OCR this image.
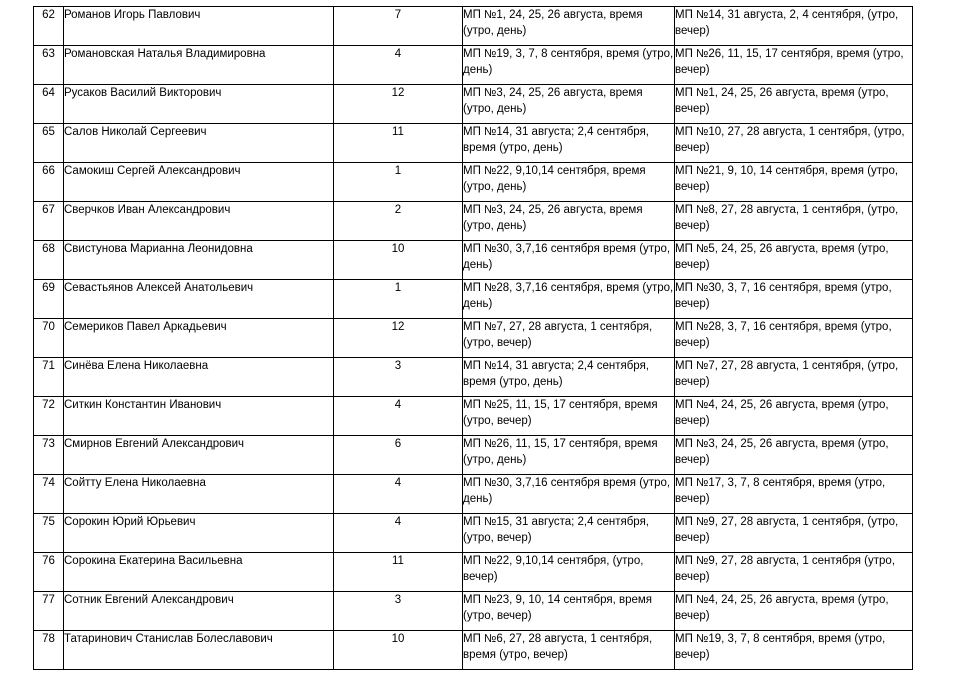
62	Романов Игорь Павлович	7	МП №1, 24, 25, 26 августа, время (утро, день)	МП №14, 31 августа, 2, 4 сентября, (утро, вечер)
63	Романовская Наталья Владимировна	4	МП №19, 3, 7, 8 сентября, время (утро, день)	МП №26, 11, 15, 17 сентября, время (утро, вечер)
64	Русаков Василий Викторович	12	МП №3, 24, 25, 26 августа, время (утро, день)	МП №1, 24, 25, 26 августа, время (утро, вечер)
65	Салов Николай Сергеевич	11	МП №14, 31 августа; 2,4 сентября, время (утро, день)	МП №10, 27, 28 августа, 1 сентября, (утро, вечер)
66	Самокиш Сергей Александрович	1	МП №22, 9,10,14 сентября, время (утро, день)	МП №21, 9, 10, 14 сентября, время (утро, вечер)
67	Сверчков Иван Александрович	2	МП №3, 24, 25, 26 августа, время (утро, день)	МП №8, 27, 28 августа, 1 сентября, (утро, вечер)
68	Свистунова Марианна Леонидовна	10	МП №30, 3,7,16 сентября время (утро, день)	МП №5, 24, 25, 26 августа, время (утро, вечер)
69	Севастьянов Алексей Анатольевич	1	МП №28, 3,7,16 сентября, время (утро, день)	МП №30, 3, 7, 16 сентября, время (утро, вечер)
70	Семериков Павел Аркадьевич	12	МП №7, 27, 28 августа, 1 сентября, (утро, вечер)	МП №28, 3, 7, 16 сентября, время (утро, вечер)
71	Синёва Елена Николаевна	3	МП №14, 31 августа; 2,4 сентября, время (утро, день)	МП №7, 27, 28 августа, 1 сентября, (утро, вечер)
72	Ситкин Константин Иванович	4	МП №25, 11, 15, 17 сентября, время (утро, вечер)	МП №4, 24, 25, 26 августа, время (утро, вечер)
73	Смирнов Евгений Александрович	6	МП №26, 11, 15, 17 сентября, время (утро, день)	МП №3, 24, 25, 26 августа, время (утро, вечер)
74	Сойтту Елена Николаевна	4	МП №30, 3,7,16 сентября время (утро, день)	МП №17, 3, 7, 8 сентября, время (утро, вечер)
75	Сорокин Юрий Юрьевич	4	МП №15, 31 августа; 2,4 сентября, (утро, вечер)	МП №9, 27, 28 августа, 1 сентября, (утро, вечер)
76	Сорокина Екатерина Васильевна	11	МП №22, 9,10,14 сентября, (утро, вечер)	МП №9, 27, 28 августа, 1 сентября (утро, вечер)
77	Сотник Евгений Александрович	3	МП №23, 9, 10, 14 сентября, время (утро, вечер)	МП №4, 24, 25, 26 августа, время (утро, вечер)
78	Татаринович Станислав Болеславович	10	МП №6, 27, 28 августа, 1 сентября, время (утро, вечер)	МП №19, 3, 7, 8 сентября, время (утро, вечер)
